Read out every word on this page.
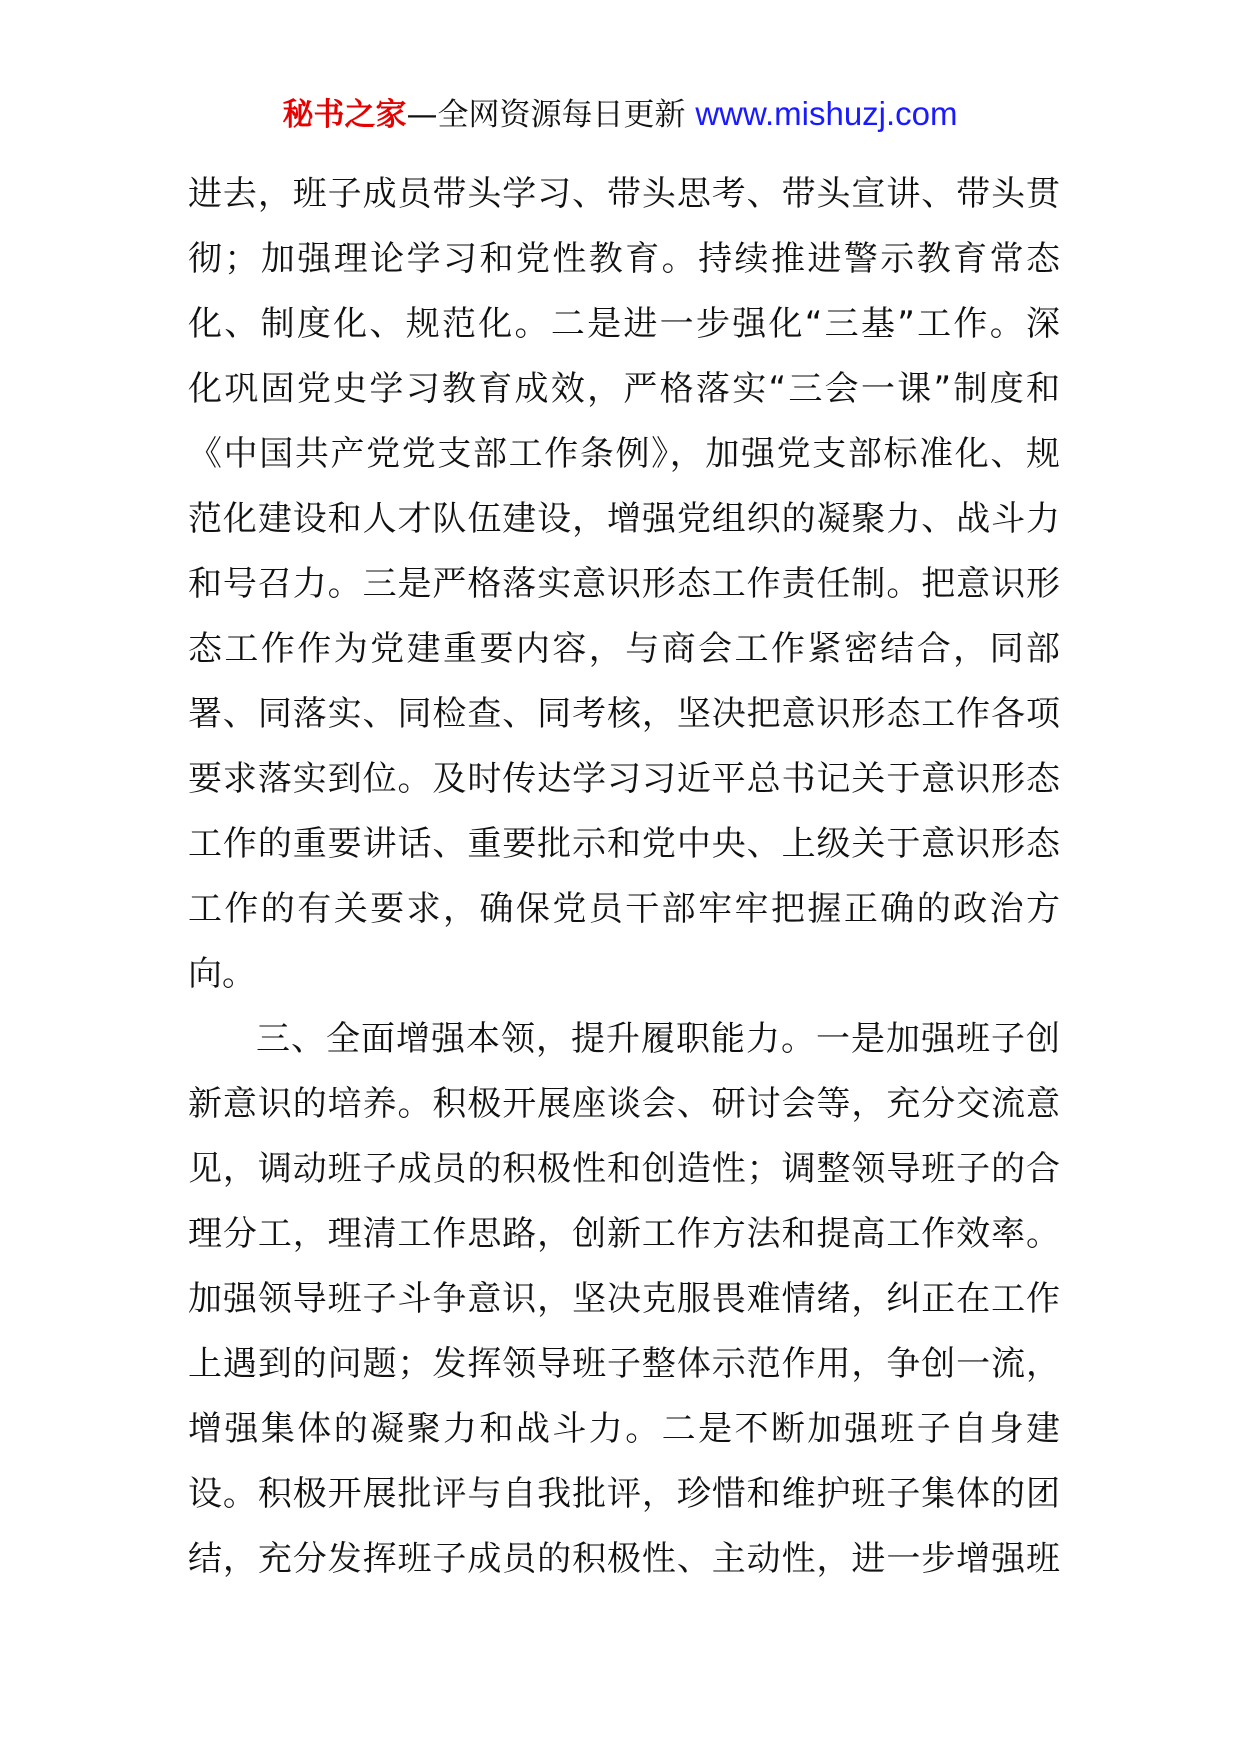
秘书之家—全网资源每日更新 www.mishuzj.com
进去，班子成员带头学习、带头思考、带头宣讲、带头贯
彻；加强理论学习和党性教育。持续推进警示教育常态
化、制度化、规范化。二是进一步强化“三基”工作。深
化巩固党史学习教育成效，严格落实“三会一课”制度和
《中国共产党党支部工作条例》，加强党支部标准化、规
范化建设和人才队伍建设，增强党组织的凝聚力、战斗力
和号召力。三是严格落实意识形态工作责任制。把意识形
态工作作为党建重要内容，与商会工作紧密结合，同部
署、同落实、同检查、同考核，坚决把意识形态工作各项
要求落实到位。及时传达学习习近平总书记关于意识形态
工作的重要讲话、重要批示和党中央、上级关于意识形态
工作的有关要求，确保党员干部牢牢把握正确的政治方
向。
三、全面增强本领，提升履职能力。一是加强班子创
新意识的培养。积极开展座谈会、研讨会等，充分交流意
见，调动班子成员的积极性和创造性；调整领导班子的合
理分工，理清工作思路，创新工作方法和提高工作效率。
加强领导班子斗争意识，坚决克服畏难情绪，纠正在工作
上遇到的问题；发挥领导班子整体示范作用，争创一流，
增强集体的凝聚力和战斗力。二是不断加强班子自身建
设。积极开展批评与自我批评，珍惜和维护班子集体的团
结，充分发挥班子成员的积极性、主动性，进一步增强班
